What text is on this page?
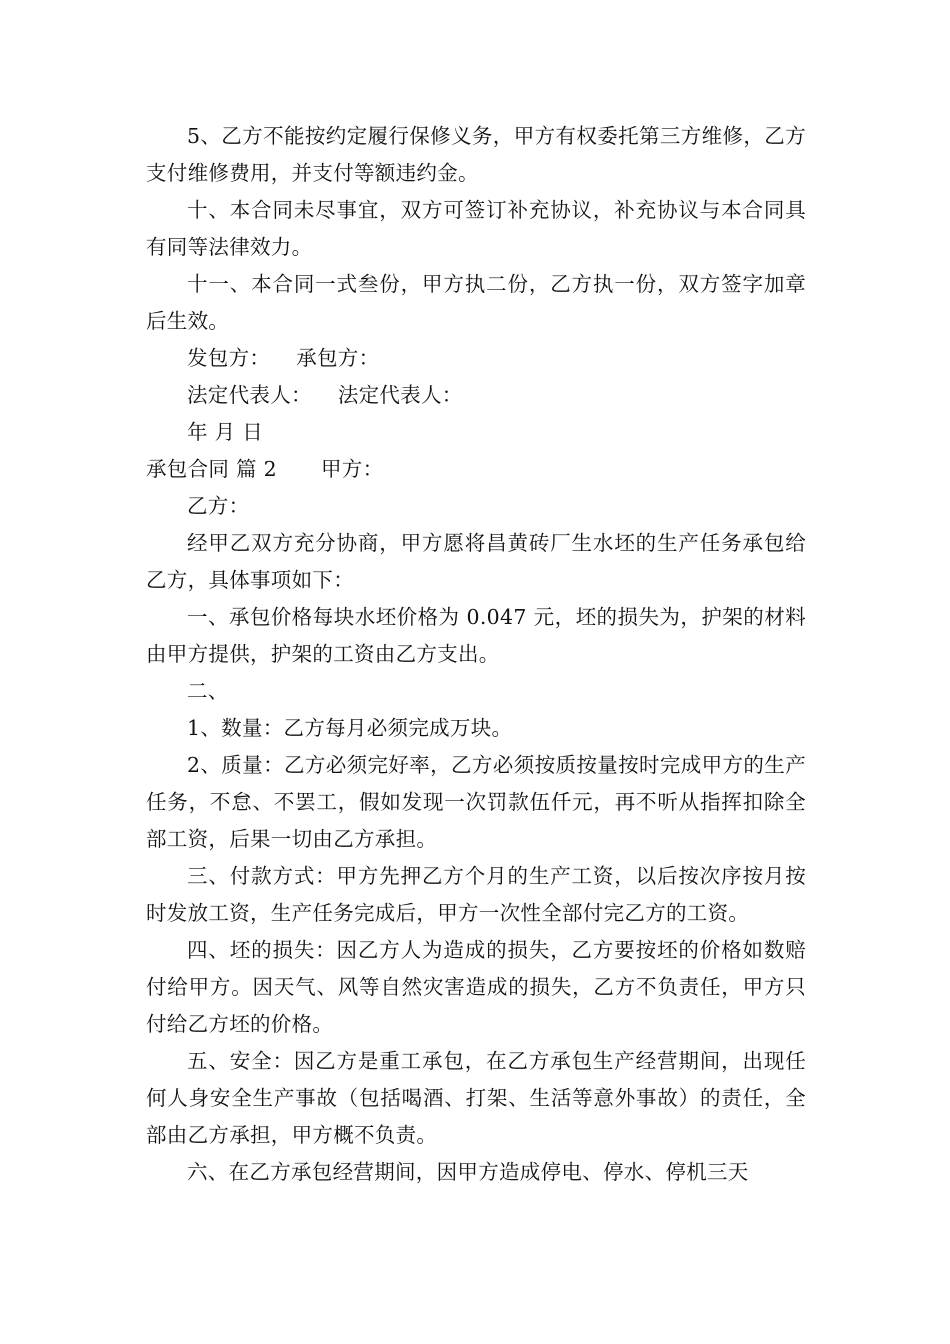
5、乙方不能按约定履行保修义务，甲方有权委托第三方维修，乙方支付维修费用，并支付等额违约金。

十、本合同未尽事宜，双方可签订补充协议，补充协议与本合同具有同等法律效力。

十一、本合同一式叁份，甲方执二份，乙方执一份，双方签字加章后生效。

发包方： 承包方：

法定代表人： 法定代表人：

年 月 日

承包合同 篇 2 甲方：

乙方：

经甲乙双方充分协商，甲方愿将昌黄砖厂生水坯的生产任务承包给乙方，具体事项如下：

一、承包价格每块水坯价格为 0.047 元，坯的损失为，护架的材料由甲方提供，护架的工资由乙方支出。

二、

1、数量：乙方每月必须完成万块。

2、质量：乙方必须完好率，乙方必须按质按量按时完成甲方的生产任务，不怠、不罢工，假如发现一次罚款伍仟元，再不听从指挥扣除全部工资，后果一切由乙方承担。

三、付款方式：甲方先押乙方个月的生产工资，以后按次序按月按时发放工资，生产任务完成后，甲方一次性全部付完乙方的工资。

四、坯的损失：因乙方人为造成的损失，乙方要按坯的价格如数赔付给甲方。因天气、风等自然灾害造成的损失，乙方不负责任，甲方只付给乙方坯的价格。

五、安全：因乙方是重工承包，在乙方承包生产经营期间，出现任何人身安全生产事故（包括喝酒、打架、生活等意外事故）的责任，全部由乙方承担，甲方概不负责。

六、在乙方承包经营期间，因甲方造成停电、停水、停机三天
